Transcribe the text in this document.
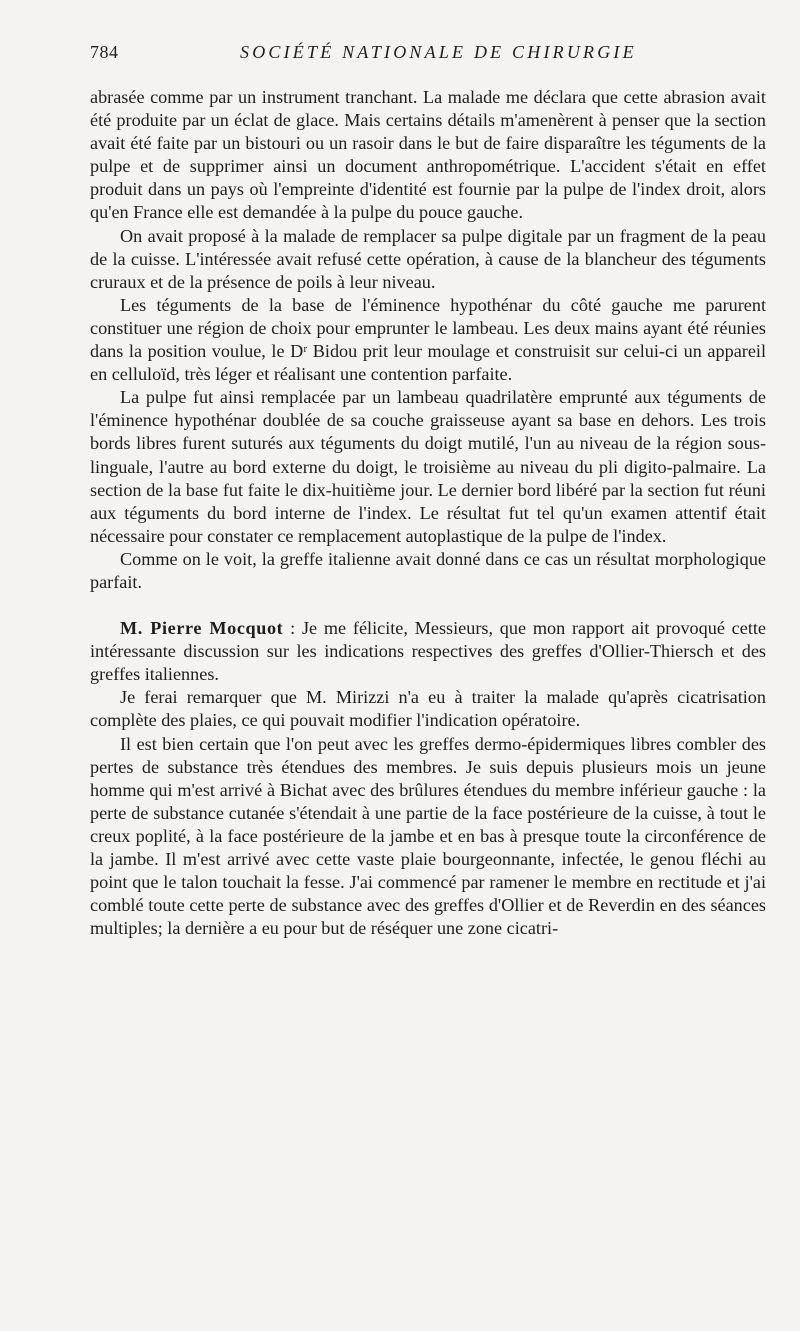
784	SOCIÉTÉ NATIONALE DE CHIRURGIE

abrasée comme par un instrument tranchant. La malade me déclara que cette abrasion avait été produite par un éclat de glace. Mais certains détails m'amenèrent à penser que la section avait été faite par un bistouri ou un rasoir dans le but de faire disparaître les téguments de la pulpe et de supprimer ainsi un document anthropométrique. L'accident s'était en effet produit dans un pays où l'empreinte d'identité est fournie par la pulpe de l'index droit, alors qu'en France elle est demandée à la pulpe du pouce gauche.

On avait proposé à la malade de remplacer sa pulpe digitale par un fragment de la peau de la cuisse. L'intéressée avait refusé cette opération, à cause de la blancheur des téguments cruraux et de la présence de poils à leur niveau.

Les téguments de la base de l'éminence hypothénar du côté gauche me parurent constituer une région de choix pour emprunter le lambeau. Les deux mains ayant été réunies dans la position voulue, le Dʳ Bidou prit leur moulage et construisit sur celui-ci un appareil en celluloïd, très léger et réalisant une contention parfaite.

La pulpe fut ainsi remplacée par un lambeau quadrilatère emprunté aux téguments de l'éminence hypothénar doublée de sa couche graisseuse ayant sa base en dehors. Les trois bords libres furent suturés aux téguments du doigt mutilé, l'un au niveau de la région sous-linguale, l'autre au bord externe du doigt, le troisième au niveau du pli digito-palmaire. La section de la base fut faite le dix-huitième jour. Le dernier bord libéré par la section fut réuni aux téguments du bord interne de l'index. Le résultat fut tel qu'un examen attentif était nécessaire pour constater ce remplacement autoplastique de la pulpe de l'index.

Comme on le voit, la greffe italienne avait donné dans ce cas un résultat morphologique parfait.

M. Pierre Mocquot : Je me félicite, Messieurs, que mon rapport ait provoqué cette intéressante discussion sur les indications respectives des greffes d'Ollier-Thiersch et des greffes italiennes.

Je ferai remarquer que M. Mirizzi n'a eu à traiter la malade qu'après cicatrisation complète des plaies, ce qui pouvait modifier l'indication opératoire.

Il est bien certain que l'on peut avec les greffes dermo-épidermiques libres combler des pertes de substance très étendues des membres. Je suis depuis plusieurs mois un jeune homme qui m'est arrivé à Bichat avec des brûlures étendues du membre inférieur gauche : la perte de substance cutanée s'étendait à une partie de la face postérieure de la cuisse, à tout le creux poplité, à la face postérieure de la jambe et en bas à presque toute la circonférence de la jambe. Il m'est arrivé avec cette vaste plaie bourgeonnante, infectée, le genou fléchi au point que le talon touchait la fesse. J'ai commencé par ramener le membre en rectitude et j'ai comblé toute cette perte de substance avec des greffes d'Ollier et de Reverdin en des séances multiples; la dernière a eu pour but de réséquer une zone cicatri-
